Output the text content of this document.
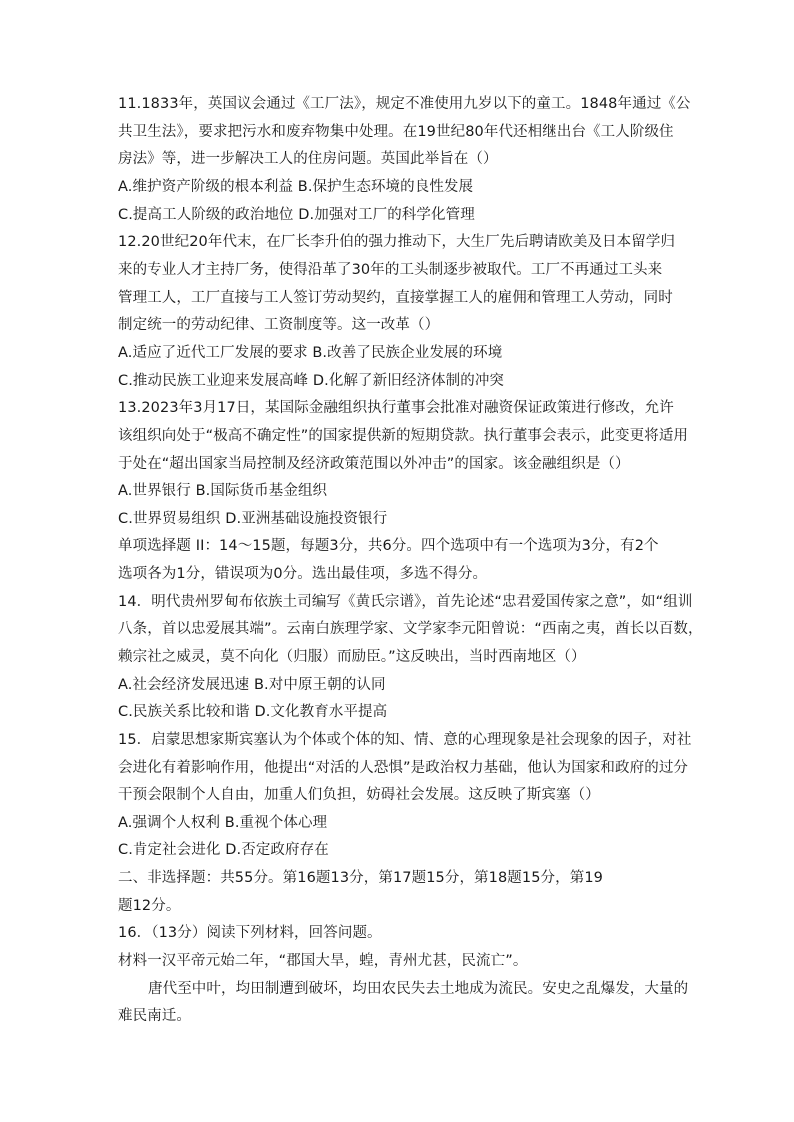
11.1833年，英国议会通过《工厂法》，规定不准使用九岁以下的童工。1848年通过《公
共卫生法》，要求把污水和废弃物集中处理。在19世纪80年代还相继出台《工人阶级住
房法》等，进一步解决工人的住房问题。英国此举旨在（）
A.维护资产阶级的根本利益 B.保护生态环境的良性发展
C.提高工人阶级的政治地位 D.加强对工厂的科学化管理
12.20世纪20年代末，在厂长李升伯的强力推动下，大生厂先后聘请欧美及日本留学归
来的专业人才主持厂务，使得沿革了30年的工头制逐步被取代。工厂不再通过工头来
管理工人，工厂直接与工人签订劳动契约，直接掌握工人的雇佣和管理工人劳动，同时
制定统一的劳动纪律、工资制度等。这一改革（）
A.适应了近代工厂发展的要求 B.改善了民族企业发展的环境
C.推动民族工业迎来发展高峰 D.化解了新旧经济体制的冲突
13.2023年3月17日，某国际金融组织执行董事会批准对融资保证政策进行修改，允许
该组织向处于“极高不确定性”的国家提供新的短期贷款。执行董事会表示，此变更将适用
于处在“超出国家当局控制及经济政策范围以外冲击”的国家。该金融组织是（）
A.世界银行 B.国际货币基金组织
C.世界贸易组织 D.亚洲基础设施投资银行
单项选择题 II：14～15题，每题3分，共6分。四个选项中有一个选项为3分，有2个
选项各为1分，错误项为0分。选出最佳项，多选不得分。
14．明代贵州罗甸布依族土司编写《黄氏宗谱》，首先论述“忠君爱国传家之意”，如“组训
八条，首以忠爱展其端”。云南白族理学家、文学家李元阳曾说：“西南之夷，酋长以百数，
赖宗社之威灵，莫不向化（归服）而励臣。”这反映出，当时西南地区（）
A.社会经济发展迅速 B.对中原王朝的认同
C.民族关系比较和谐 D.文化教育水平提高
15．启蒙思想家斯宾塞认为个体或个体的知、情、意的心理现象是社会现象的因子，对社
会进化有着影响作用，他提出“对活的人恐惧”是政治权力基础，他认为国家和政府的过分
干预会限制个人自由，加重人们负担，妨碍社会发展。这反映了斯宾塞（）
A.强调个人权利 B.重视个体心理
C.肯定社会进化 D.否定政府存在
二、非选择题：共55分。第16题13分，第17题15分，第18题15分，第19
题12分。
16．（13分）阅读下列材料，回答问题。
材料一汉平帝元始二年，“郡国大旱，蝗，青州尤甚，民流亡”。
唐代至中叶，均田制遭到破坏，均田农民失去土地成为流民。安史之乱爆发，大量的
难民南迁。
